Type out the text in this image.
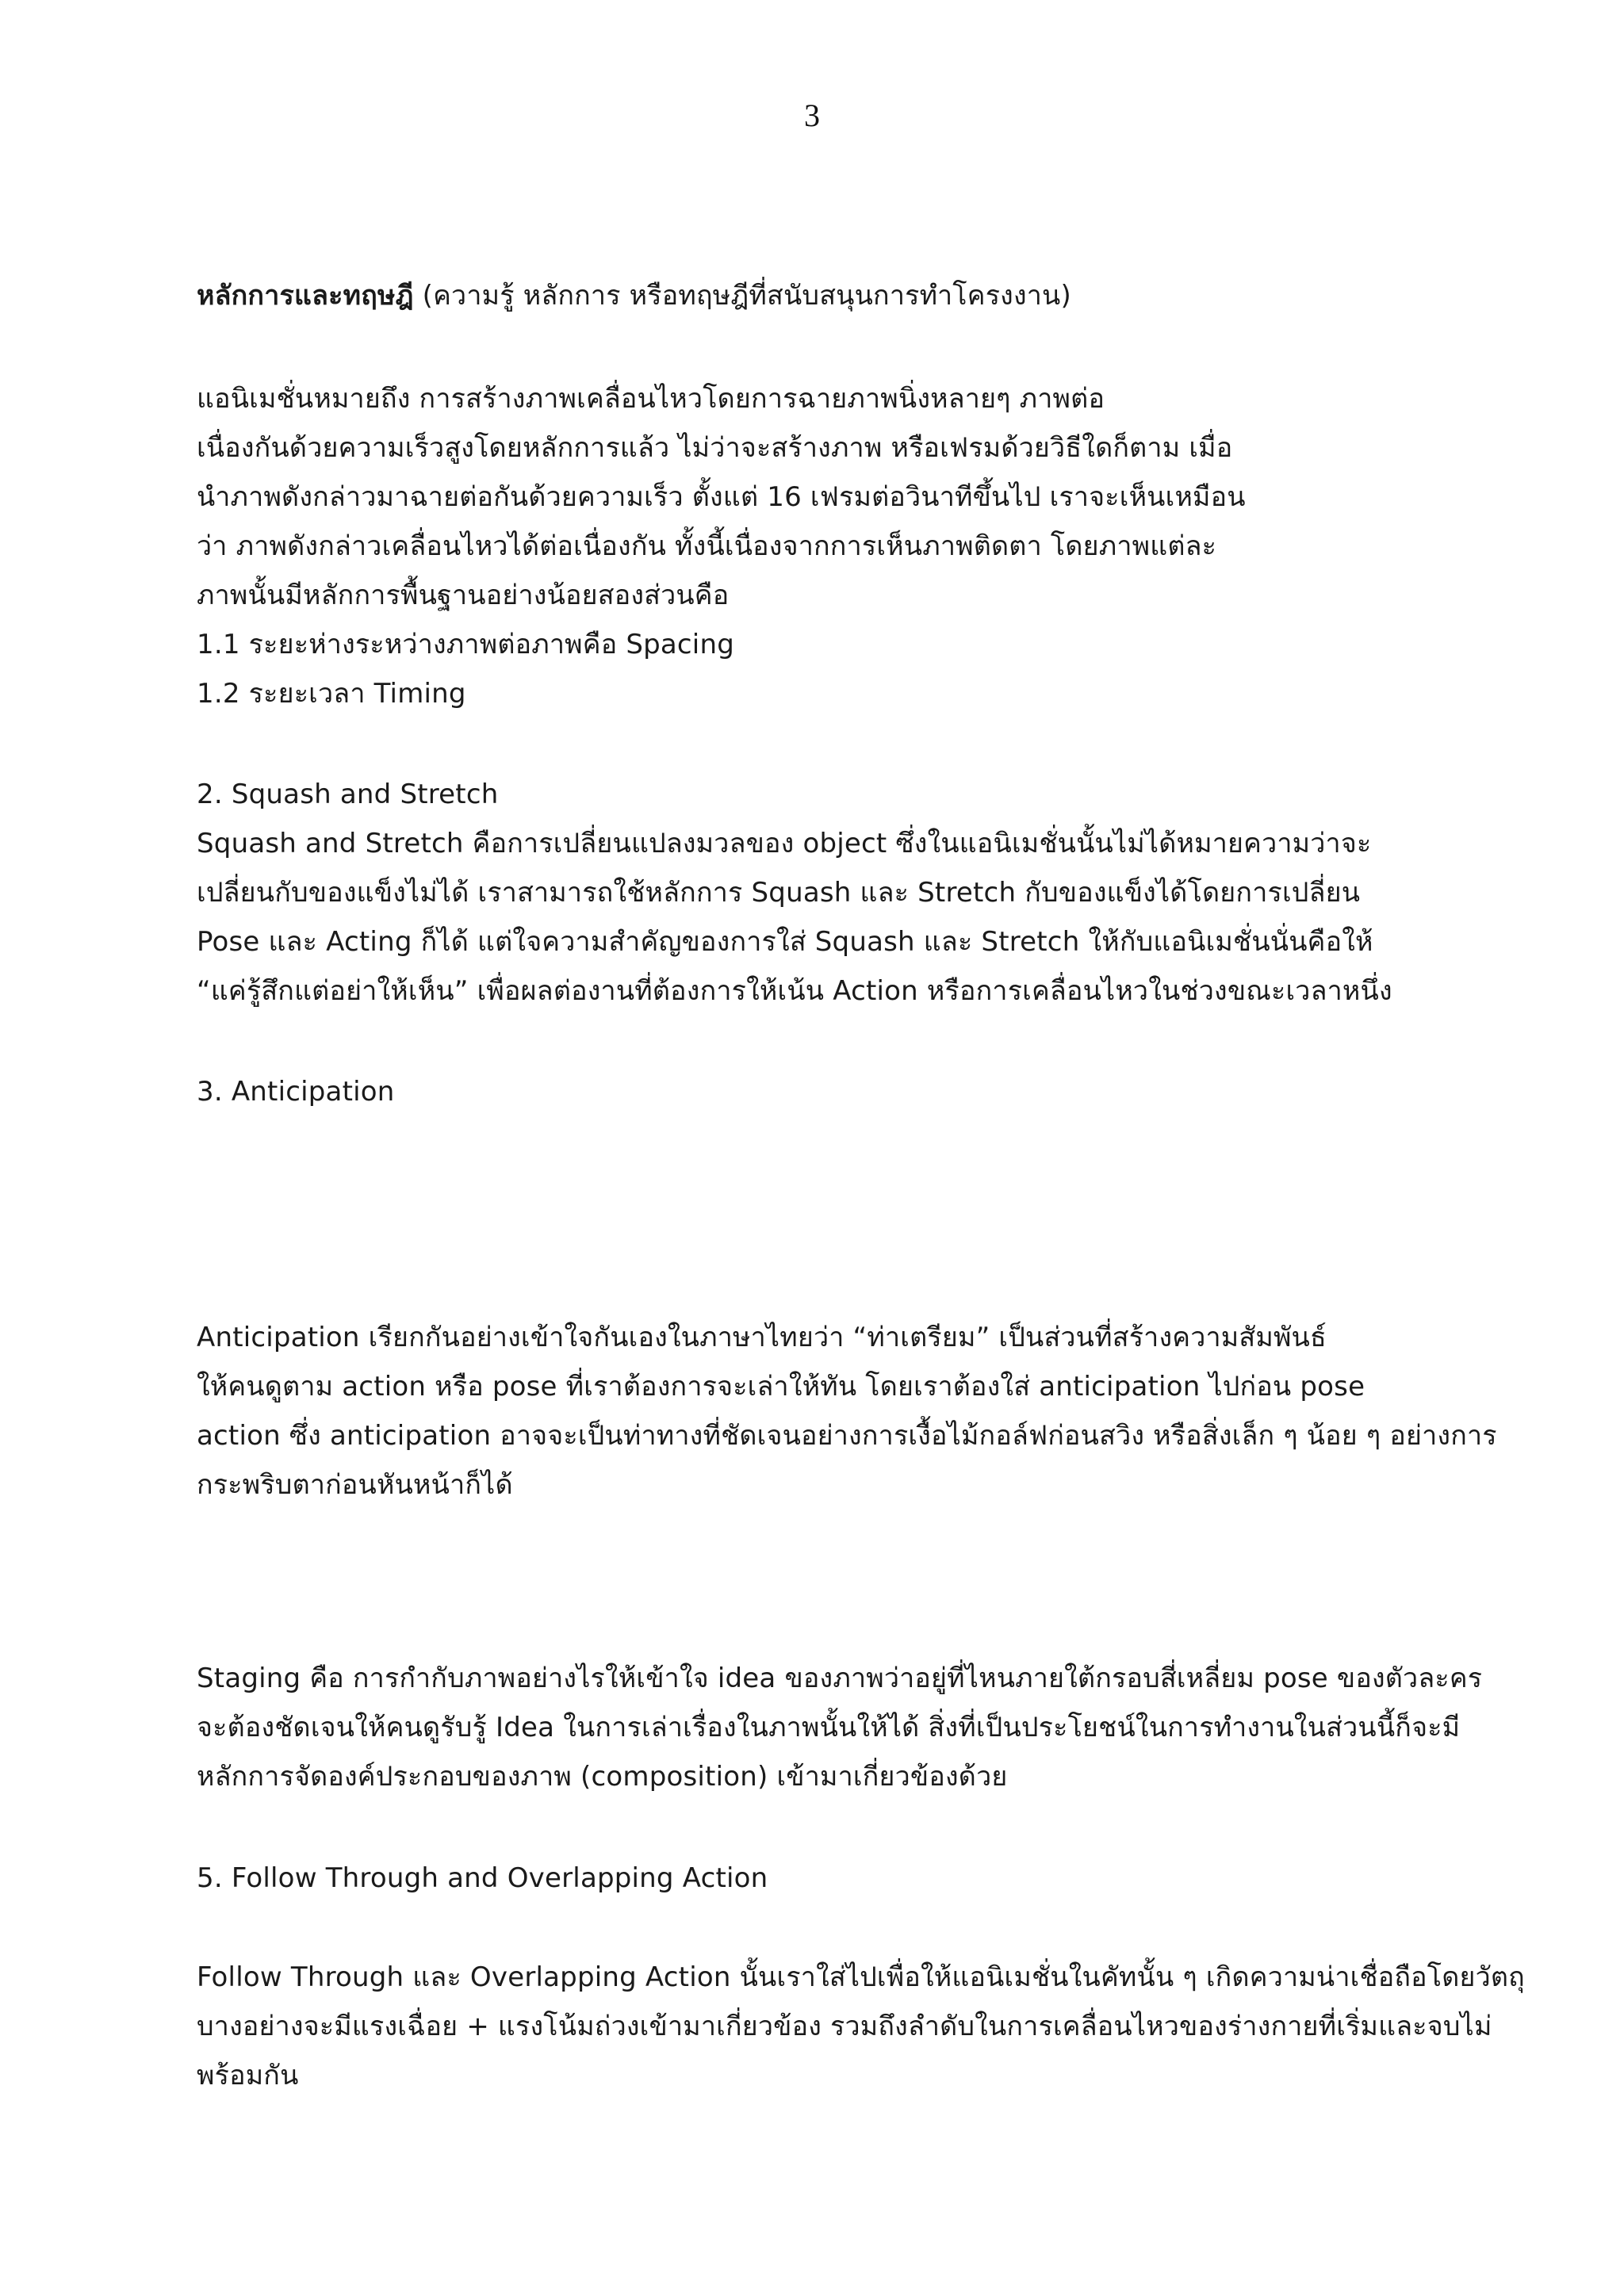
3
หลักการและทฤษฎี (ความรู้ หลักการ หรือทฤษฎีที่สนับสนุนการทำโครงงาน)
แอนิเมชั่นหมายถึง การสร้างภาพเคลื่อนไหวโดยการฉายภาพนิ่งหลายๆ ภาพต่อ
เนื่องกันด้วยความเร็วสูงโดยหลักการแล้ว ไม่ว่าจะสร้างภาพ หรือเฟรมด้วยวิธีใดก็ตาม เมื่อ
นำภาพดังกล่าวมาฉายต่อกันด้วยความเร็ว ตั้งแต่ 16 เฟรมต่อวินาทีขึ้นไป เราจะเห็นเหมือน
ว่า ภาพดังกล่าวเคลื่อนไหวได้ต่อเนื่องกัน ทั้งนี้เนื่องจากการเห็นภาพติดตา โดยภาพแต่ละ
ภาพนั้นมีหลักการพื้นฐานอย่างน้อยสองส่วนคือ
1.1 ระยะห่างระหว่างภาพต่อภาพคือ Spacing
1.2 ระยะเวลา Timing
2. Squash and Stretch
Squash and Stretch คือการเปลี่ยนแปลงมวลของ object ซึ่งในแอนิเมชั่นนั้นไม่ได้หมายความว่าจะ
เปลี่ยนกับของแข็งไม่ได้ เราสามารถใช้หลักการ Squash และ Stretch กับของแข็งได้โดยการเปลี่ยน
Pose และ Acting ก็ได้ แต่ใจความสำคัญของการใส่ Squash และ Stretch ให้กับแอนิเมชั่นนั่นคือให้
“แค่รู้สึกแต่อย่าให้เห็น” เพื่อผลต่องานที่ต้องการให้เน้น Action หรือการเคลื่อนไหวในช่วงขณะเวลาหนึ่ง
3. Anticipation
Anticipation เรียกกันอย่างเข้าใจกันเองในภาษาไทยว่า “ท่าเตรียม” เป็นส่วนที่สร้างความสัมพันธ์
ให้คนดูตาม action หรือ pose ที่เราต้องการจะเล่าให้ทัน โดยเราต้องใส่ anticipation ไปก่อน pose
action ซึ่ง anticipation อาจจะเป็นท่าทางที่ชัดเจนอย่างการเงื้อไม้กอล์ฟก่อนสวิง หรือสิ่งเล็ก ๆ น้อย ๆ อย่างการ
กระพริบตาก่อนหันหน้าก็ได้
Staging คือ การกำกับภาพอย่างไรให้เข้าใจ idea ของภาพว่าอยู่ที่ไหนภายใต้กรอบสี่เหลี่ยม pose ของตัวละคร
จะต้องชัดเจนให้คนดูรับรู้ Idea ในการเล่าเรื่องในภาพนั้นให้ได้ สิ่งที่เป็นประโยชน์ในการทำงานในส่วนนี้ก็จะมี
หลักการจัดองค์ประกอบของภาพ (composition) เข้ามาเกี่ยวข้องด้วย
5. Follow Through and Overlapping Action
Follow Through และ Overlapping Action นั้นเราใส่ไปเพื่อให้แอนิเมชั่นในคัทนั้น ๆ เกิดความน่าเชื่อถือโดยวัตถุ
บางอย่างจะมีแรงเฉื่อย + แรงโน้มถ่วงเข้ามาเกี่ยวข้อง รวมถึงลำดับในการเคลื่อนไหวของร่างกายที่เริ่มและจบไม่
พร้อมกัน
